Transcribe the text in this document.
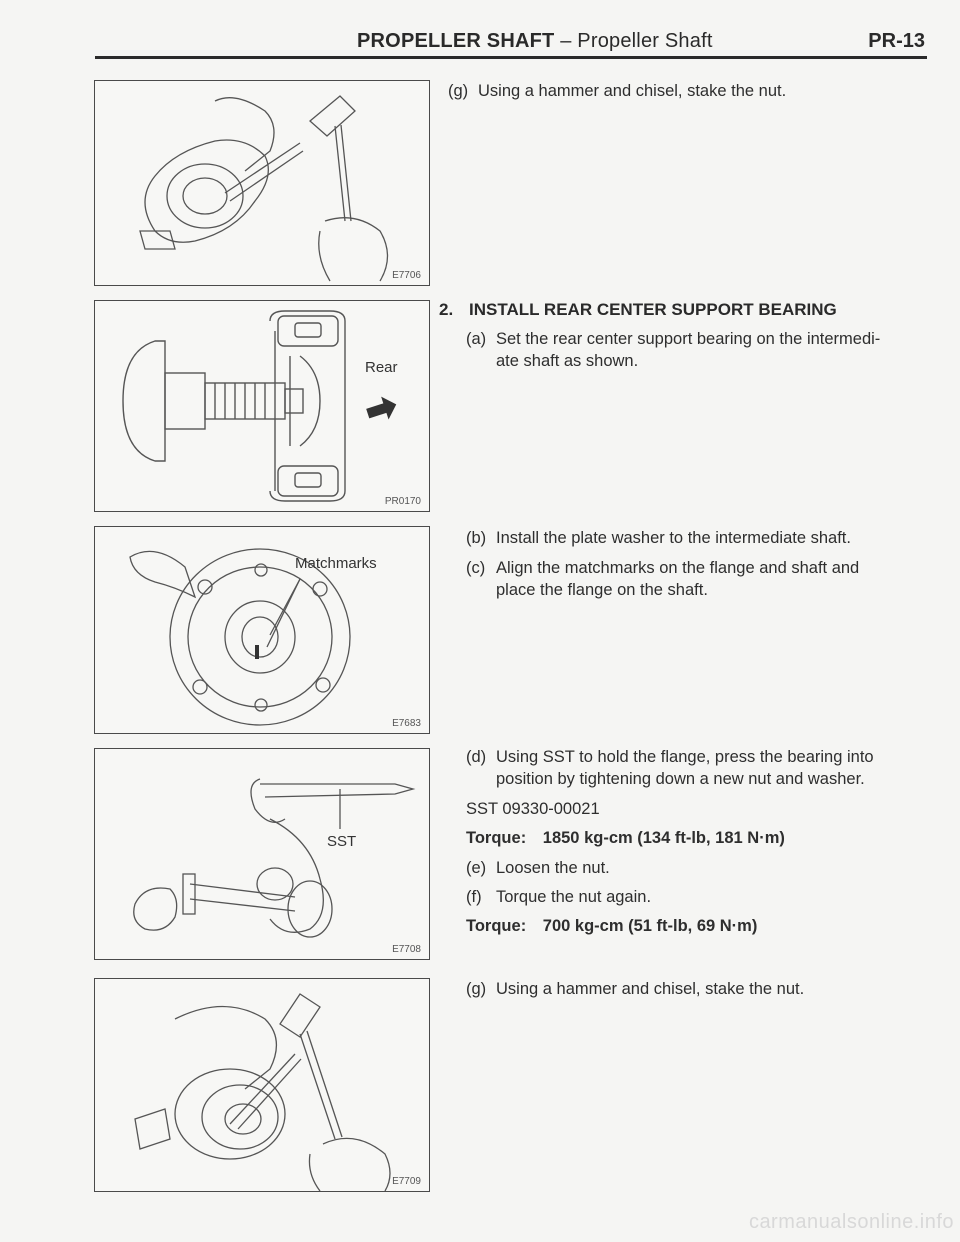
PROPELLER SHAFT – Propeller Shaft	PR-13
E7706
Rear
PR0170
Matchmarks
E7683
SST
E7708
E7709
(g) Using a hammer and chisel, stake the nut.
2. INSTALL REAR CENTER SUPPORT BEARING
(a) Set the rear center support bearing on the intermedi-
ate shaft as shown.
(b) Install the plate washer to the intermediate shaft.
(c) Align the matchmarks on the flange and shaft and
place the flange on the shaft.
(d) Using SST to hold the flange, press the bearing into
position by tightening down a new nut and washer.
SST 09330-00021
Torque: 1850 kg-cm (134 ft-lb, 181 N·m)
(e) Loosen the nut.
(f) Torque the nut again.
Torque: 700 kg-cm (51 ft-lb, 69 N·m)
(g) Using a hammer and chisel, stake the nut.
carmanualsonline.info
